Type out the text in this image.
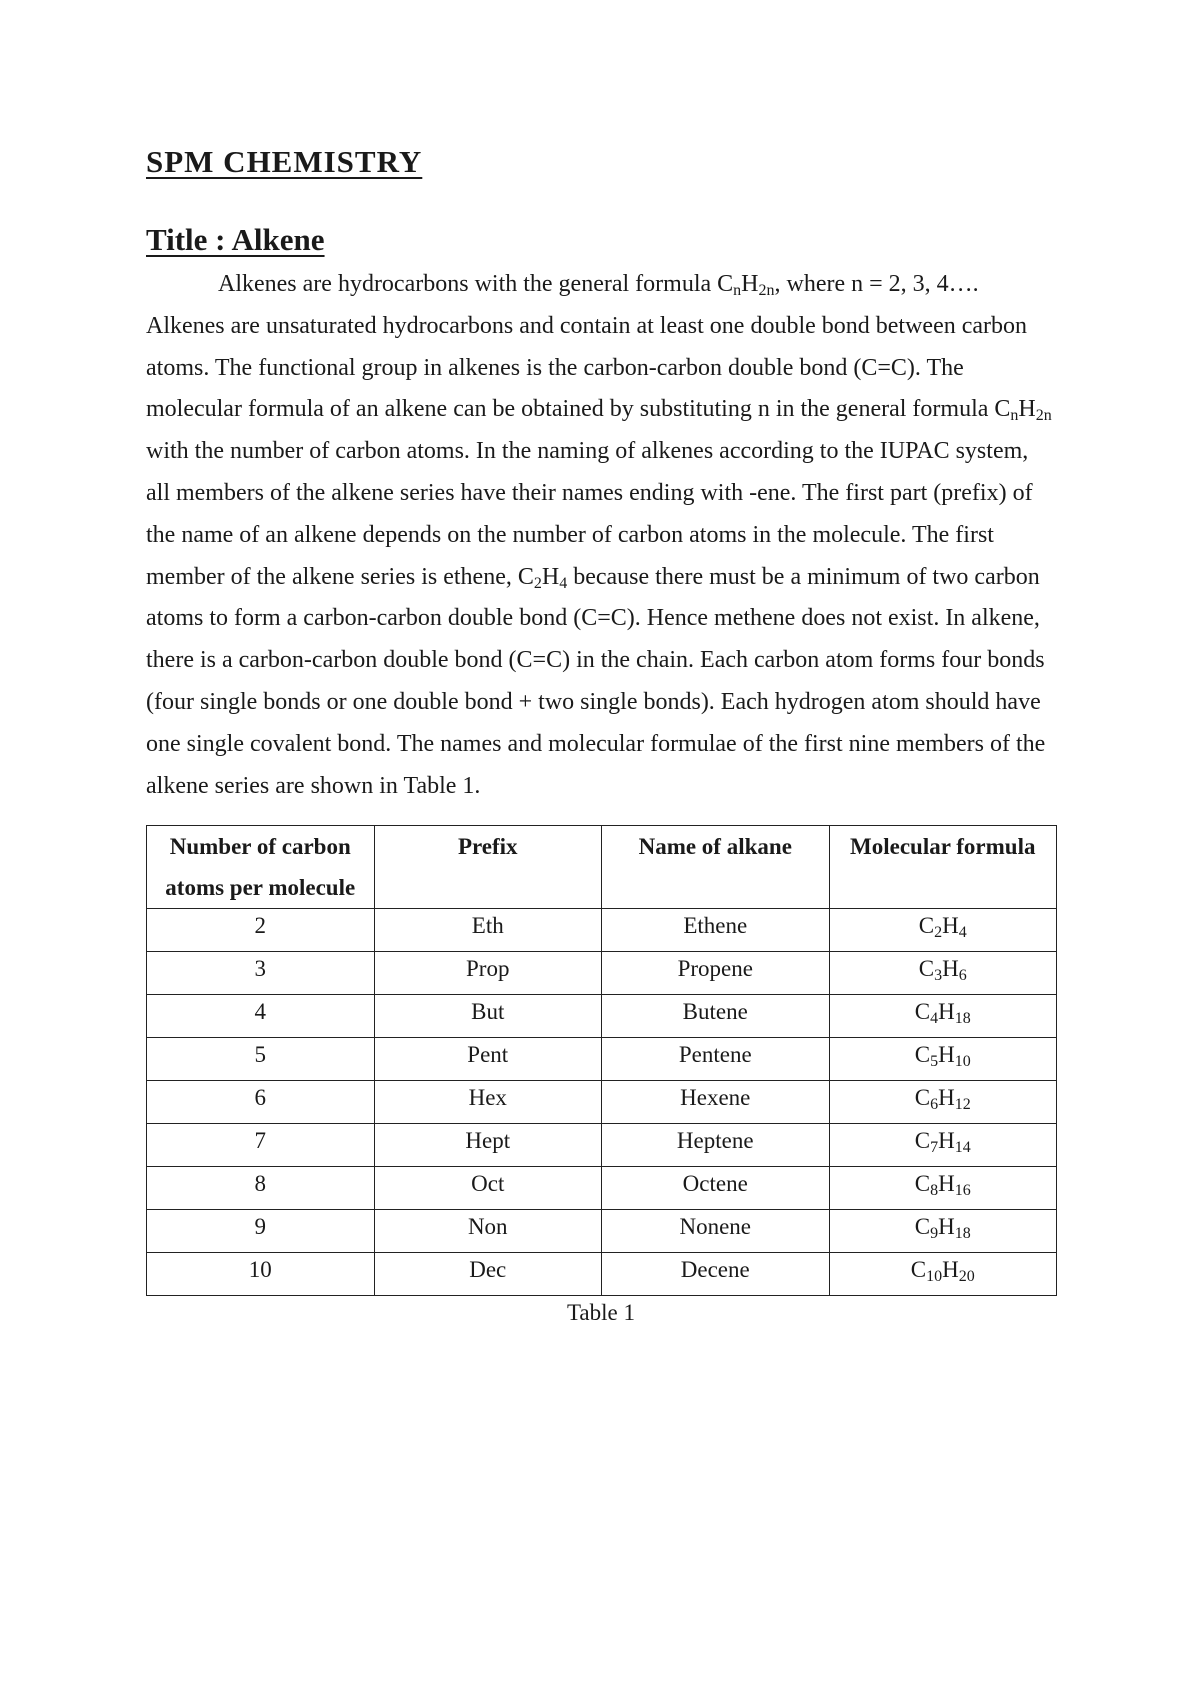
SPM CHEMISTRY
Title : Alkene

Alkenes are hydrocarbons with the general formula $C_nH_{2n}$, where n = 2, 3, 4…. Alkenes are unsaturated hydrocarbons and contain at least one double bond between carbon atoms. The functional group in alkenes is the carbon-carbon double bond (C=C). The molecular formula of an alkene can be obtained by substituting n in the general formula $C_nH_{2n}$ with the number of carbon atoms. In the naming of alkenes according to the IUPAC system, all members of the alkene series have their names ending with -ene. The first part (prefix) of the name of an alkene depends on the number of carbon atoms in the molecule. The first member of the alkene series is ethene, $C_2H_4$ because there must be a minimum of two carbon atoms to form a carbon-carbon double bond (C=C). Hence methene does not exist. In alkene, there is a carbon-carbon double bond (C=C) in the chain. Each carbon atom forms four bonds (four single bonds or one double bond + two single bonds). Each hydrogen atom should have one single covalent bond. The names and molecular formulae of the first nine members of the alkene series are shown in Table 1.

Number of carbon atoms per molecule	Prefix	Name of alkane	Molecular formula
2	Eth	Ethene	$C_2H_4$
3	Prop	Propene	$C_3H_6$
4	But	Butene	$C_4H_{18}$
5	Pent	Pentene	$C_5H_{10}$
6	Hex	Hexene	$C_6H_{12}$
7	Hept	Heptene	$C_7H_{14}$
8	Oct	Octene	$C_8H_{16}$
9	Non	Nonene	$C_9H_{18}$
10	Dec	Decene	$C_{10}H_{20}$
Table 1
